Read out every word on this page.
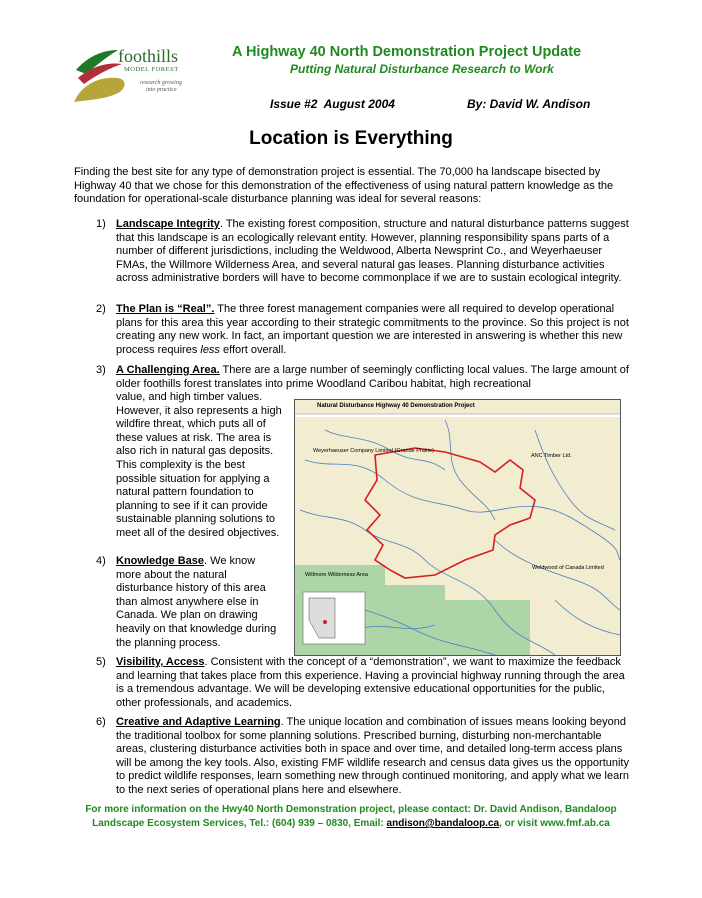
foothills
MODEL FOREST
research growing
into practice
A Highway 40 North Demonstration Project Update
Putting Natural Disturbance Research to Work
Issue #2  August 2004	By: David W. Andison
Location is Everything
Finding the best site for any type of demonstration project is essential. The 70,000 ha landscape bisected by Highway 40 that we chose for this demonstration of the effectiveness of using natural pattern knowledge as the foundation for operational-scale disturbance planning was ideal for several reasons:
1) Landscape Integrity. The existing forest composition, structure and natural disturbance patterns suggest that this landscape is an ecologically relevant entity. However, planning responsibility spans parts of a number of different jurisdictions, including the Weldwood, Alberta Newsprint Co., and Weyerhaeuser FMAs, the Willmore Wilderness Area, and several natural gas leases. Planning disturbance activities across administrative borders will have to become commonplace if we are to sustain ecological integrity.
2) The Plan is “Real”. The three forest management companies were all required to develop operational plans for this area this year according to their strategic commitments to the province. So this project is not creating any new work. In fact, an important question we are interested in answering is whether this new process requires less effort overall.
3) A Challenging Area. There are a large number of seemingly conflicting local values. The large amount of older foothills forest translates into prime Woodland Caribou habitat, high recreational
value, and high timber values. However, it also represents a high wildfire threat, which puts all of these values at risk. The area is also rich in natural gas deposits. This complexity is the best possible situation for applying a natural pattern foundation to planning to see if it can provide sustainable planning solutions to meet all of the desired objectives.
4) Knowledge Base. We know more about the natural disturbance history of this area than almost anywhere else in Canada. We plan on drawing heavily on that knowledge during the planning process.
5) Visibility, Access. Consistent with the concept of a “demonstration”, we want to maximize the feedback and learning that takes place from this experience. Having a provincial highway running through the area is a tremendous advantage. We will be developing extensive educational opportunities for the public, other professionals, and academics.
6) Creative and Adaptive Learning. The unique location and combination of issues means looking beyond the traditional toolbox for some planning solutions. Prescribed burning, disturbing non-merchantable areas, clustering disturbance activities both in space and over time, and detailed long-term access plans will be among the key tools. Also, existing FMF wildlife research and census data gives us the opportunity to predict wildlife responses, learn something new through continued monitoring, and apply what we learn to the next series of operational plans here and elsewhere.
Natural Disturbance Highway 40 Demonstration Project
Weyerhaeuser Company Limited (Grande Prairie)
ANC Timber Ltd.
Weldwood of Canada Limited
Willmore Wilderness Area
For more information on the Hwy40 North Demonstration project, please contact: Dr. David Andison, Bandaloop
Landscape Ecosystem Services, Tel.: (604) 939 – 0830, Email: andison@bandaloop.ca, or visit www.fmf.ab.ca
